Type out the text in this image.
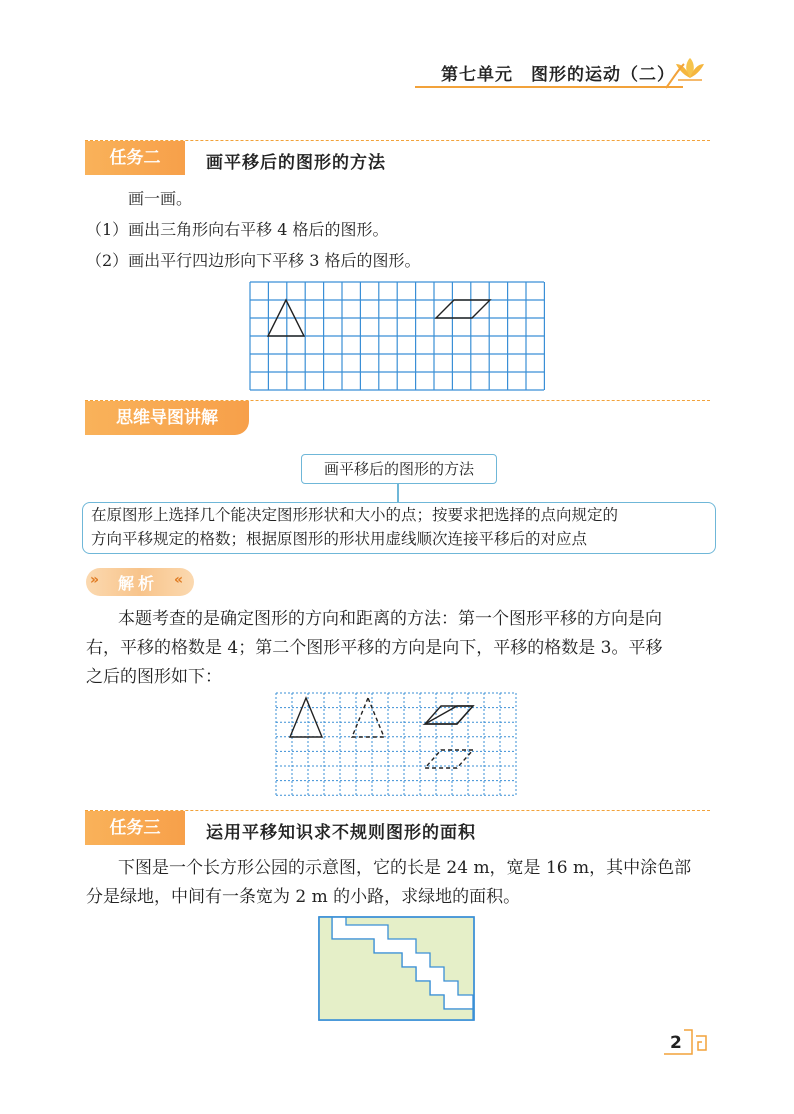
第七单元　图形的运动（二）
任务二	画平移后的图形的方法
画一画。
（1）画出三角形向右平移 4 格后的图形。
（2）画出平行四边形向下平移 3 格后的图形。
思维导图讲解
画平移后的图形的方法
在原图形上选择几个能决定图形形状和大小的点；按要求把选择的点向规定的
方向平移规定的格数；根据原图形的形状用虚线顺次连接平移后的对应点
»	«
解析
本题考查的是确定图形的方向和距离的方法：第一个图形平移的方向是向
右，平移的格数是 4；第二个图形平移的方向是向下，平移的格数是 3。平移
之后的图形如下：
任务三	运用平移知识求不规则图形的面积
下图是一个长方形公园的示意图，它的长是 24 m，宽是 16 m，其中涂色部
分是绿地，中间有一条宽为 2 m 的小路，求绿地的面积。
2
